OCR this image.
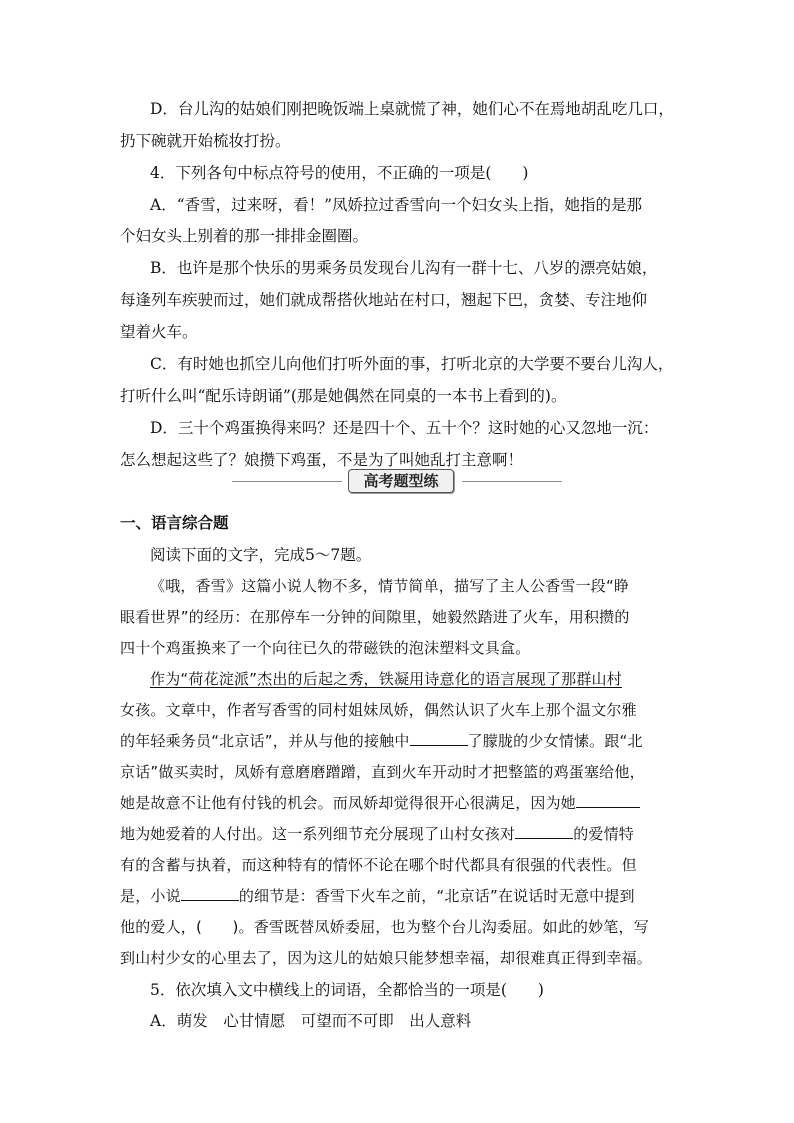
D．台儿沟的姑娘们刚把晚饭端上桌就慌了神，她们心不在焉地胡乱吃几口，
扔下碗就开始梳妆打扮。
4．下列各句中标点符号的使用，不正确的一项是(　　)
A．“香雪，过来呀，看！”凤娇拉过香雪向一个妇女头上指，她指的是那
个妇女头上别着的那一排排金圈圈。
B．也许是那个快乐的男乘务员发现台儿沟有一群十七、八岁的漂亮姑娘，
每逢列车疾驶而过，她们就成帮搭伙地站在村口，翘起下巴，贪婪、专注地仰
望着火车。
C．有时她也抓空儿向他们打听外面的事，打听北京的大学要不要台儿沟人，
打听什么叫“配乐诗朗诵”(那是她偶然在同桌的一本书上看到的)。
D．三十个鸡蛋换得来吗？还是四十个、五十个？这时她的心又忽地一沉：
怎么想起这些了？娘攒下鸡蛋，不是为了叫她乱打主意啊！
高考题型练
一、语言综合题
阅读下面的文字，完成5～7题。
《哦，香雪》这篇小说人物不多，情节简单，描写了主人公香雪一段“睁
眼看世界”的经历：在那停车一分钟的间隙里，她毅然踏进了火车，用积攒的
四十个鸡蛋换来了一个向往已久的带磁铁的泡沫塑料文具盒。
作为“荷花淀派”杰出的后起之秀，铁凝用诗意化的语言展现了那群山村
女孩。文章中，作者写香雪的同村姐妹凤娇，偶然认识了火车上那个温文尔雅
的年轻乘务员“北京话”，并从与他的接触中	了朦胧的少女情愫。跟“北
京话”做买卖时，凤娇有意磨磨蹭蹭，直到火车开动时才把整篮的鸡蛋塞给他，
她是故意不让他有付钱的机会。而凤娇却觉得很开心很满足，因为她
地为她爱着的人付出。这一系列细节充分展现了山村女孩对	的爱情特
有的含蓄与执着，而这种特有的情怀不论在哪个时代都具有很强的代表性。但
是，小说	的细节是：香雪下火车之前，“北京话”在说话时无意中提到
他的爱人，(　　)。香雪既替凤娇委屈，也为整个台儿沟委屈。如此的妙笔，写
到山村少女的心里去了，因为这儿的姑娘只能梦想幸福，却很难真正得到幸福。
5．依次填入文中横线上的词语，全都恰当的一项是(　　)
A．萌发　心甘情愿　可望而不可即　出人意料
